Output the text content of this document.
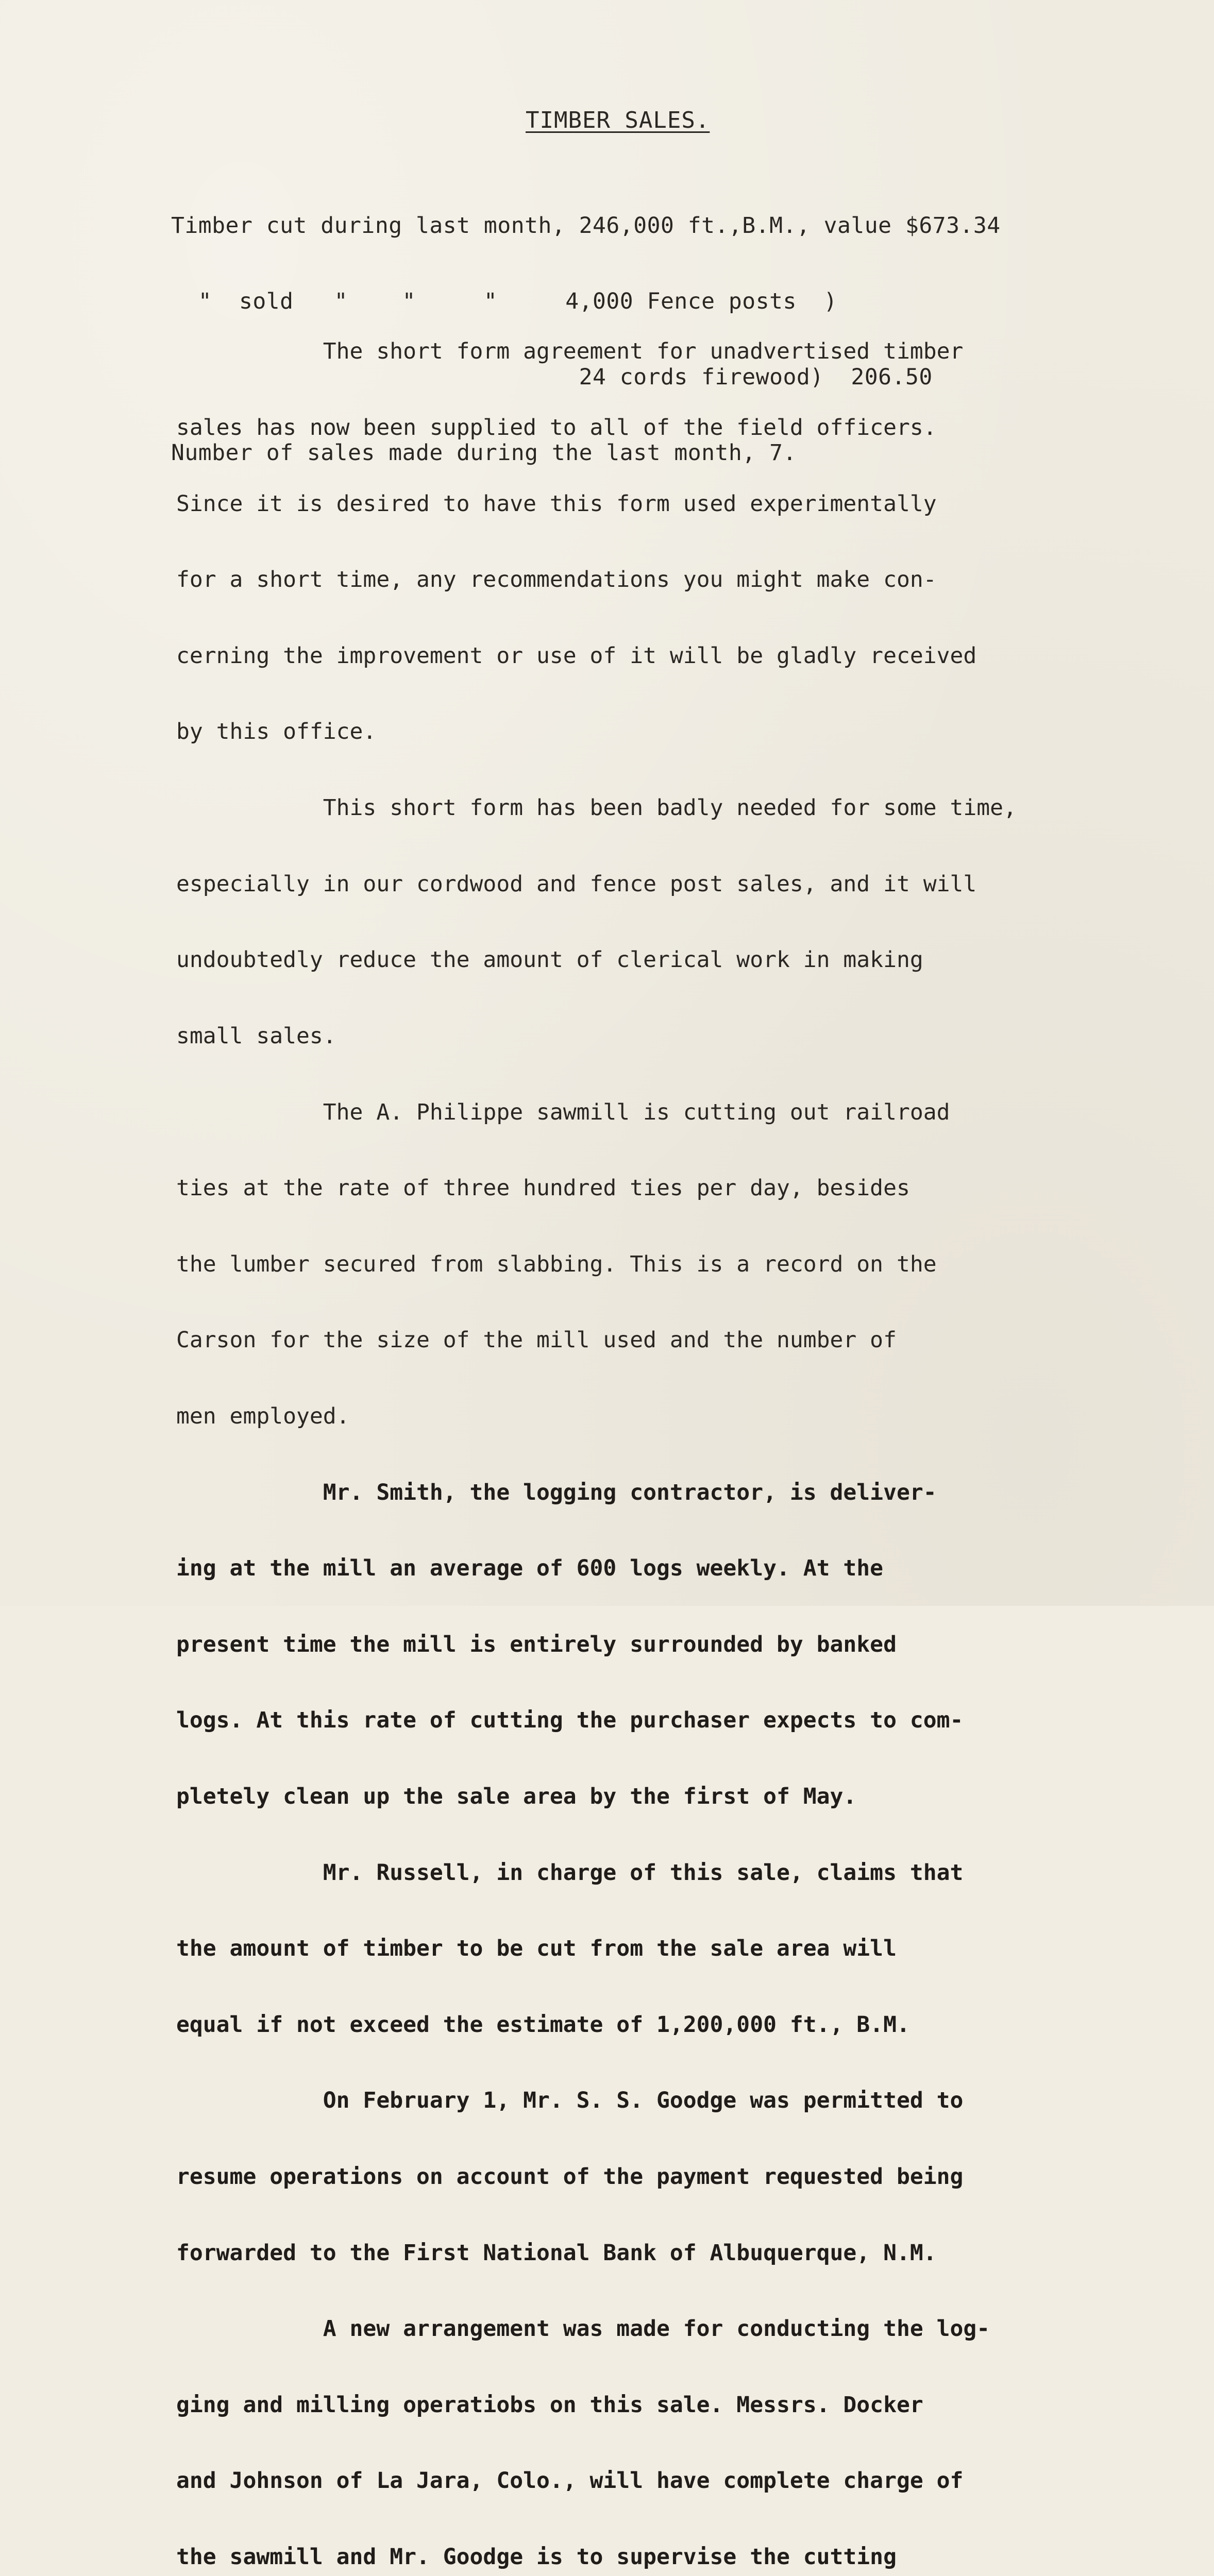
TIMBER SALES.

Timber cut during last month, 246,000 ft.,B.M., value $673.34

"  sold   "    "     "     4,000 Fence posts  )

24 cords firewood)  206.50

Number of sales made during the last month, 7.

The short form agreement for unadvertised timber

sales has now been supplied to all of the field officers.

Since it is desired to have this form used experimentally

for a short time, any recommendations you might make con-

cerning the improvement or use of it will be gladly received

by this office.

This short form has been badly needed for some time,

especially in our cordwood and fence post sales, and it will

undoubtedly reduce the amount of clerical work in making

small sales.

The A. Philippe sawmill is cutting out railroad

ties at the rate of three hundred ties per day, besides

the lumber secured from slabbing. This is a record on the

Carson for the size of the mill used and the number of

men employed.

Mr. Smith, the logging contractor, is deliver-

ing at the mill an average of 600 logs weekly. At the

present time the mill is entirely surrounded by banked

logs. At this rate of cutting the purchaser expects to com-

pletely clean up the sale area by the first of May.

Mr. Russell, in charge of this sale, claims that

the amount of timber to be cut from the sale area will

equal if not exceed the estimate of 1,200,000 ft., B.M.

On February 1, Mr. S. S. Goodge was permitted to

resume operations on account of the payment requested being

forwarded to the First National Bank of Albuquerque, N.M.

A new arrangement was made for conducting the log-

ging and milling operatiobs on this sale. Messrs. Docker

and Johnson of La Jara, Colo., will have complete charge of

the sawmill and Mr. Goodge is to supervise the cutting
